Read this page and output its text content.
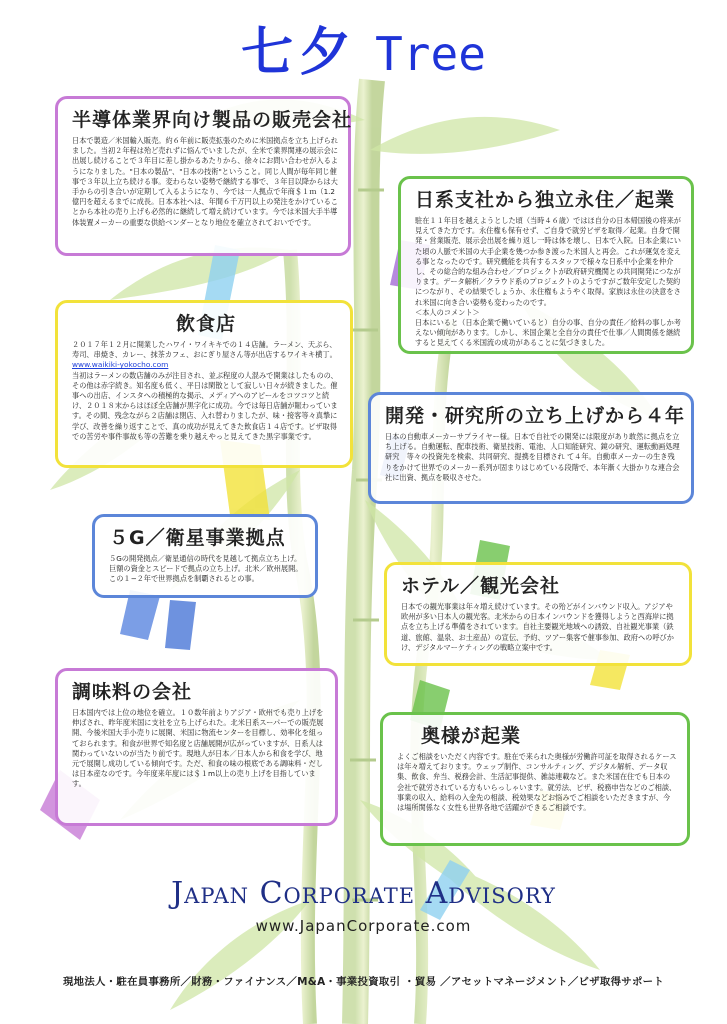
七夕 Tree
半導体業界向け製品の販売会社
日本で製造／米国輸入販売。約６年前に販売拡張のために米国拠点を立ち上げられました。当初２年程は殆ど売れずに悩んでいましたが、全米で業界関連の展示会に出展し続けることで３年目に差し掛かるあたりから、徐々にお問い合わせが入るようになりました。"日本の製品"、"日本の技術"ということ。同じ人間が毎年同じ催事で３年以上立ち続ける事。変わらない姿勢で継続する事で、３年目以降からは大手からの引き合いが定期して入るようになり、今では一人拠点で年商＄１ｍ（1.2億円を超えるまでに成長。日本本社へは、年間６千万円以上の発注をかけていることから本社の売り上げも必然的に継続して増え続けています。今では米国大手半導体装置メーカーの重要な供給ベンダーとなり地位を確立されておいでです。
日系支社から独立永住／起業

駐在１１年目を越えようとした頃（当時４６歳）ではほ自分の日本帰国後の将来が見えてきた方です。永住権も保有せず、ご自身で就労ビザを取得／起業。自身で開発・営業販売、展示会出展を繰り返し一時は体を壊し、日本で入院。日本企業にいた頃の人脈で米国の大手企業を幾つか参き渡った米国人と再会。これが運気を変える事となったのです。研究機能を共有するスタッフで様々な日系中小企業を仲介し、その総合的な組み合わせ／プロジェクトが政府研究機関との共同開発につながります。データ解析／クラウド系のプロジェクトのようですがご数年安定した契約につながり、その結果でしょうか、永住権もようやく取得。家族は永住の決意をされ米国に向き合い姿勢も変わったのです。

＜本人のコメント＞

日本にいると（日本企業で働いていると）自分の事、自分の責任／給料の事しか考えない傾向があります。しかし、米国企業と全自分の責任で仕事／人間関係を継続すると見えてくる米国流の成功があることに気づきました。

飲食店

２０１７年１２月に開業したハワイ・ワイキキでの１４店舗。ラーメン、天ぷら、寿司、串焼き、カレー、抹茶カフェ、おにぎり屋さん等が出店するワイキキ横丁。

www.waikiki-yokocho.com

当初はラーメンの数店舗のみが注目され、並ぶ程度の人混みで開業はしたものの、その他は赤字続き。知名度も低く、平日は閑散として寂しい日々が続きました。催事への出店、インスタへの積極的な掲示、メディアへのアピールをコツコツと続け、２０１８末からはほぼ全店舗が黒字化に成功。今では毎日店舗が賑わっています。その間、残念ながら２店舗は閉店、入れ替わりましたが、味・接客等々真摯に学び、改善を繰り返すことで、真の成功が見えてきた飲食店１４店です。ビザ取得での苦労や事件事故も等の苦難を乗り越えやっと見えてきた黒字事業です。

開発・研究所の立ち上げから４年
日本の自動車メーカーサプライヤー様。日本で自社での開発には限度があり敢然に拠点を立ち上げる。自動運転、配車技術、衛星技術、電池、人口知能研究、鏡の研究、運転動画処理研究　等々の投資先を検索、共同研究、提携を目標され て４年。自動車メーカーの生き残りをかけて世界でのメーカー系列が固まりはじめている段階で、本年漸く大掛かりな連合会社に出資、拠点を吸収させた。
５G／衛星事業拠点
５Gの開発拠点／衛星通信の時代を見越して拠点立ち上げ。巨額の資金とスピードで拠点の立ち上げ。北米／欧州展開。この１−２年で世界拠点を制覇されるとの事。	ホテル／観光会社
日本での観光事業は年々増え続けています。その殆どがインバウンド収入。アジアや欧州が多い日本人の観光客。北米からの日本インバウンドを獲得しようと西海岸に拠点を立ち上げる準備をされています。自社主要観光地域への誘致、自社観光事業（鉄道、旅館、温泉、お土産品）の宣伝、予約、ツアー集客で催事参加、政府への呼びかけ、デジタルマーケティングの戦略立案中です。
調味料の会社
日本国内では上位の地位を確立。１０数年前よりアジア・欧州でも売り上げを伸ばされ、昨年度米国に支社を立ち上げられた。北米日系スーパーでの販売展開、今後米国大手小売りに展開、米国に物流センターを目標し、効率化を組っておられます。和食が世界で知名度と店舗展開が広がっていますが、日系人は関わっていないのが当たり前です。現地人が日本／日本人から和食を学び、地元で展開し成功している傾向です。ただ、和食の味の根底である調味料・だしは日本産なのです。今年度来年度には＄１m以上の売り上げを目指しています。
奥様が起業
よくご相談をいただく内容です。駐在で来られた奥様が労働許可証を取得されるケースは年々増えております。ウェップ制作、コンサルティング、デジタル解析、データ収集、飲食、弁当、税務会計、生活記事提供、雑誌連載など。また米国在住でも日本の会社で就労されている方もいらっしゃいます。就労法、ビザ、税務申告などのご相談、事業の収入、給料の入金先の相談、税効果などお悩みでご相談をいただきますが、今は場所関係なく女性も世界各地で活躍ができるご相談です。
Japan Corporate Advisory
www.JapanCorporate.com
現地法人・駐在員事務所／財務・ファイナンス／M&A・事業投資取引 ・貿易 ／アセットマネージメント／ビザ取得サポート
